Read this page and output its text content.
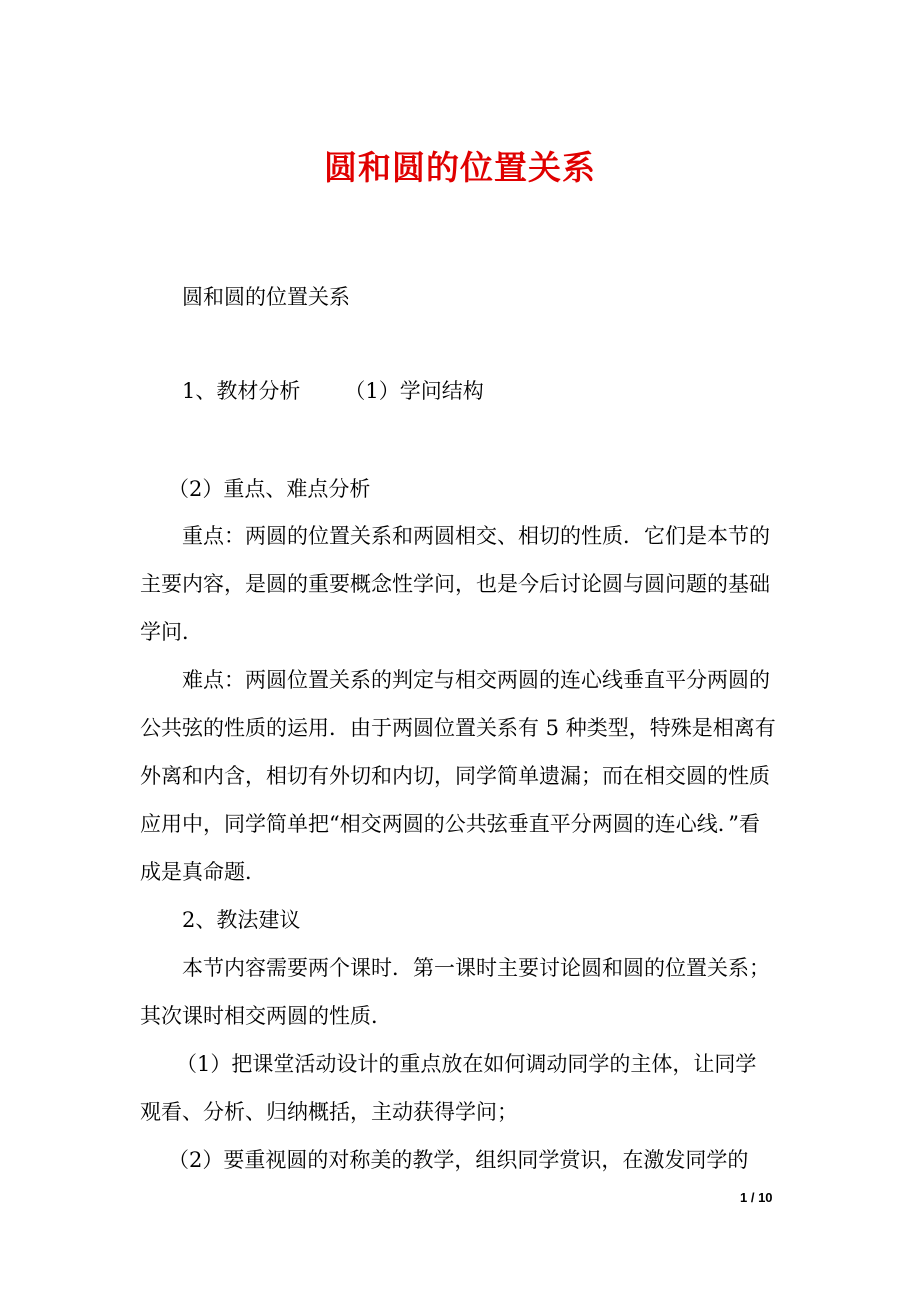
圆和圆的位置关系
圆和圆的位置关系
1、教材分析 （1）学问结构
（2）重点、难点分析
重点：两圆的位置关系和两圆相交、相切的性质．它们是本节的
主要内容，是圆的重要概念性学问，也是今后讨论圆与圆问题的基础
学问．
难点：两圆位置关系的判定与相交两圆的连心线垂直平分两圆的
公共弦的性质的运用．由于两圆位置关系有 5 种类型，特殊是相离有
外离和内含，相切有外切和内切，同学简单遗漏；而在相交圆的性质
应用中，同学简单把“相交两圆的公共弦垂直平分两圆的连心线．”看
成是真命题．
2、教法建议
本节内容需要两个课时．第一课时主要讨论圆和圆的位置关系；
其次课时相交两圆的性质．
（1）把课堂活动设计的重点放在如何调动同学的主体，让同学
观看、分析、归纳概括，主动获得学问；
（2）要重视圆的对称美的教学，组织同学赏识，在激发同学的
1 / 10
